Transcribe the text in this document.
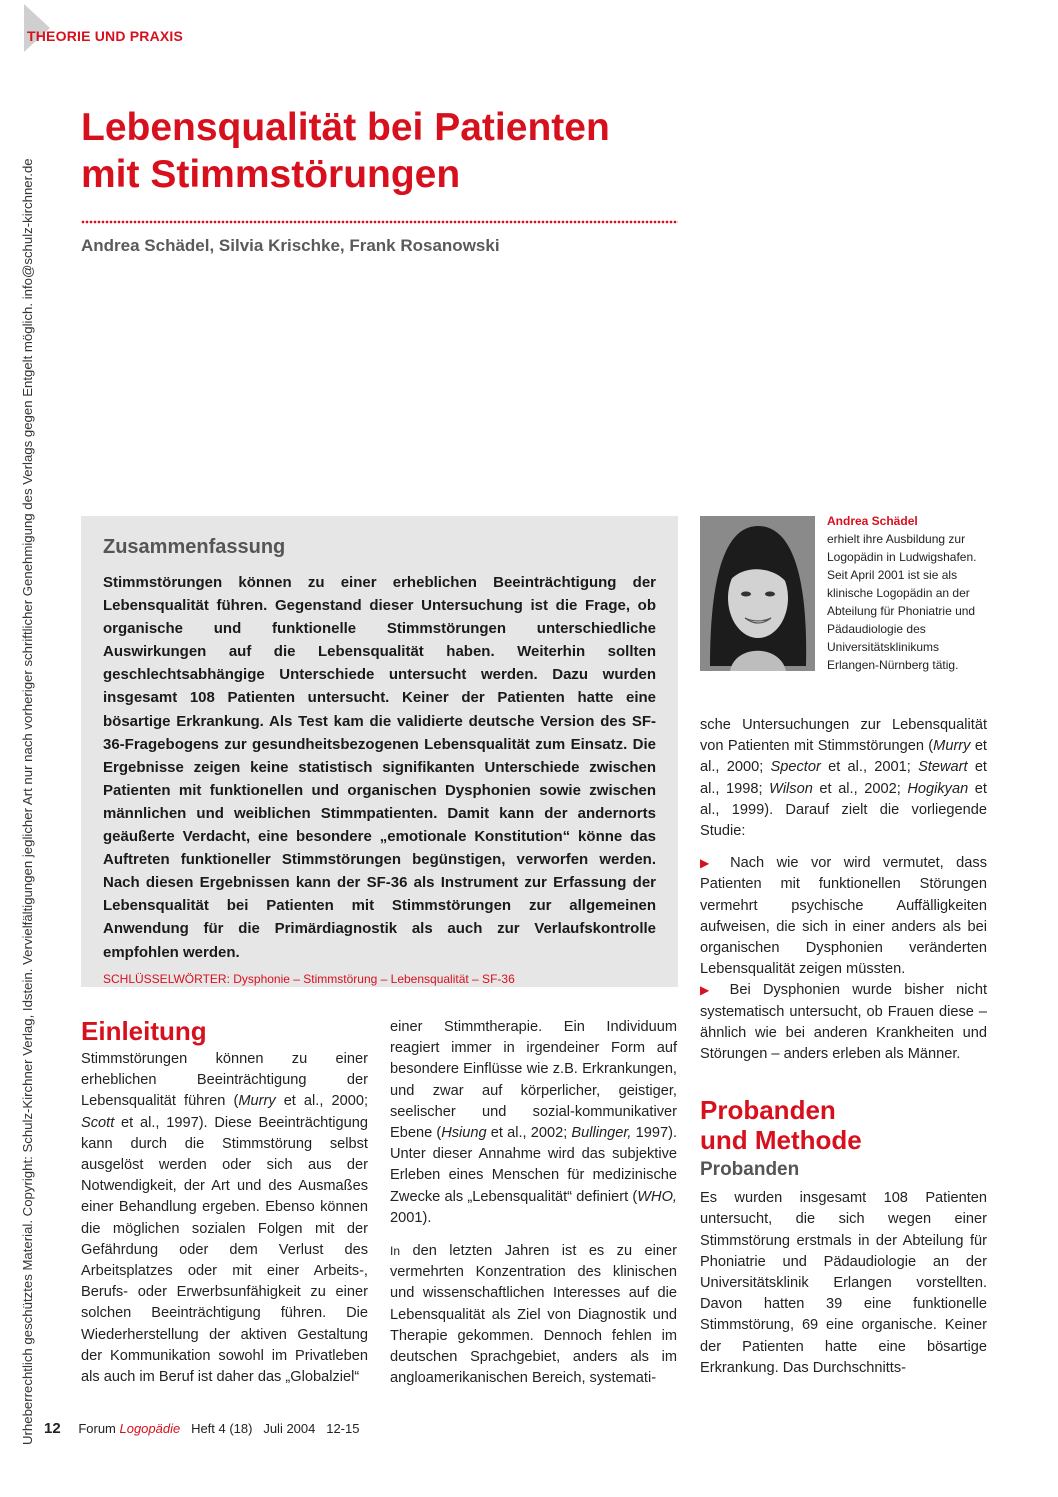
THEORIE UND PRAXIS
Urheberrechtlich geschütztes Material. Copyright: Schulz-Kirchner Verlag, Idstein. Vervielfältigungen jeglicher Art nur nach vorheriger schriftlicher Genehmigung des Verlags gegen Entgelt möglich. info@schulz-kirchner.de
Lebensqualität bei Patienten
mit Stimmstörungen
Andrea Schädel, Silvia Krischke, Frank Rosanowski
Zusammenfassung

Stimmstörungen können zu einer erheblichen Beeinträchtigung der Lebensqualität führen. Gegenstand dieser Untersuchung ist die Frage, ob organische und funktionelle Stimmstörungen unterschiedliche Auswirkungen auf die Lebensqualität haben. Weiterhin sollten geschlechtsabhängige Unterschiede untersucht werden. Dazu wurden insgesamt 108 Patienten untersucht. Keiner der Patienten hatte eine bösartige Erkrankung. Als Test kam die validierte deutsche Version des SF-36-Fragebogens zur gesundheitsbezogenen Lebensqualität zum Einsatz. Die Ergebnisse zeigen keine statistisch signifikanten Unterschiede zwischen Patienten mit funktionellen und organischen Dysphonien sowie zwischen männlichen und weiblichen Stimmpatienten. Damit kann der andernorts geäußerte Verdacht, eine besondere „emotionale Konstitution“ könne das Auftreten funktioneller Stimmstörungen begünstigen, verworfen werden. Nach diesen Ergebnissen kann der SF-36 als Instrument zur Erfassung der Lebensqualität bei Patienten mit Stimmstörungen zur allgemeinen Anwendung für die Primärdiagnostik als auch zur Verlaufskontrolle empfohlen werden.

SCHLÜSSELWÖRTER: Dysphonie – Stimmstörung – Lebensqualität – SF-36

Andrea Schädel
erhielt ihre Ausbildung zur Logopädin in Ludwigshafen. Seit April 2001 ist sie als klinische Logopädin an der Abteilung für Phoniatrie und Pädaudiologie des Universitätsklinikums Erlangen-Nürnberg tätig.
Einleitung

Stimmstörungen können zu einer erheblichen Beeinträchtigung der Lebensqualität führen (Murry et al., 2000; Scott et al., 1997). Diese Beeinträchtigung kann durch die Stimmstörung selbst ausgelöst werden oder sich aus der Notwendigkeit, der Art und des Ausmaßes einer Behandlung ergeben. Ebenso können die möglichen sozialen Folgen mit der Gefährdung oder dem Verlust des Arbeitsplatzes oder mit einer Arbeits-, Berufs- oder Erwerbsunfähigkeit zu einer solchen Beeinträchtigung führen. Die Wiederherstellung der aktiven Gestaltung der Kommunikation sowohl im Privatleben als auch im Beruf ist daher das „Globalziel“

einer Stimmtherapie. Ein Individuum reagiert immer in irgendeiner Form auf besondere Einflüsse wie z.B. Erkrankungen, und zwar auf körperlicher, geistiger, seelischer und sozial-kommunikativer Ebene (Hsiung et al., 2002; Bullinger, 1997). Unter dieser Annahme wird das subjektive Erleben eines Menschen für medizinische Zwecke als „Lebensqualität“ definiert (WHO, 2001).

In den letzten Jahren ist es zu einer vermehrten Konzentration des klinischen und wissenschaftlichen Interesses auf die Lebensqualität als Ziel von Diagnostik und Therapie gekommen. Dennoch fehlen im deutschen Sprachgebiet, anders als im angloamerikanischen Bereich, systemati-

sche Untersuchungen zur Lebensqualität von Patienten mit Stimmstörungen (Murry et al., 2000; Spector et al., 2001; Stewart et al., 1998; Wilson et al., 2002; Hogikyan et al., 1999). Darauf zielt die vorliegende Studie:

▶ Nach wie vor wird vermutet, dass Patienten mit funktionellen Störungen vermehrt psychische Auffälligkeiten aufweisen, die sich in einer anders als bei organischen Dysphonien veränderten Lebensqualität zeigen müssten.

▶ Bei Dysphonien wurde bisher nicht systematisch untersucht, ob Frauen diese –ähnlich wie bei anderen Krankheiten und Störungen – anders erleben als Männer.

Probanden
und Methode
Probanden

Es wurden insgesamt 108 Patienten untersucht, die sich wegen einer Stimmstörung erstmals in der Abteilung für Phoniatrie und Pädaudiologie an der Universitätsklinik Erlangen vorstellten. Davon hatten 39 eine funktionelle Stimmstörung, 69 eine organische. Keiner der Patienten hatte eine bösartige Erkrankung. Das Durchschnitts-

12 Forum Logopädie Heft 4 (18) Juli 2004 12-15
